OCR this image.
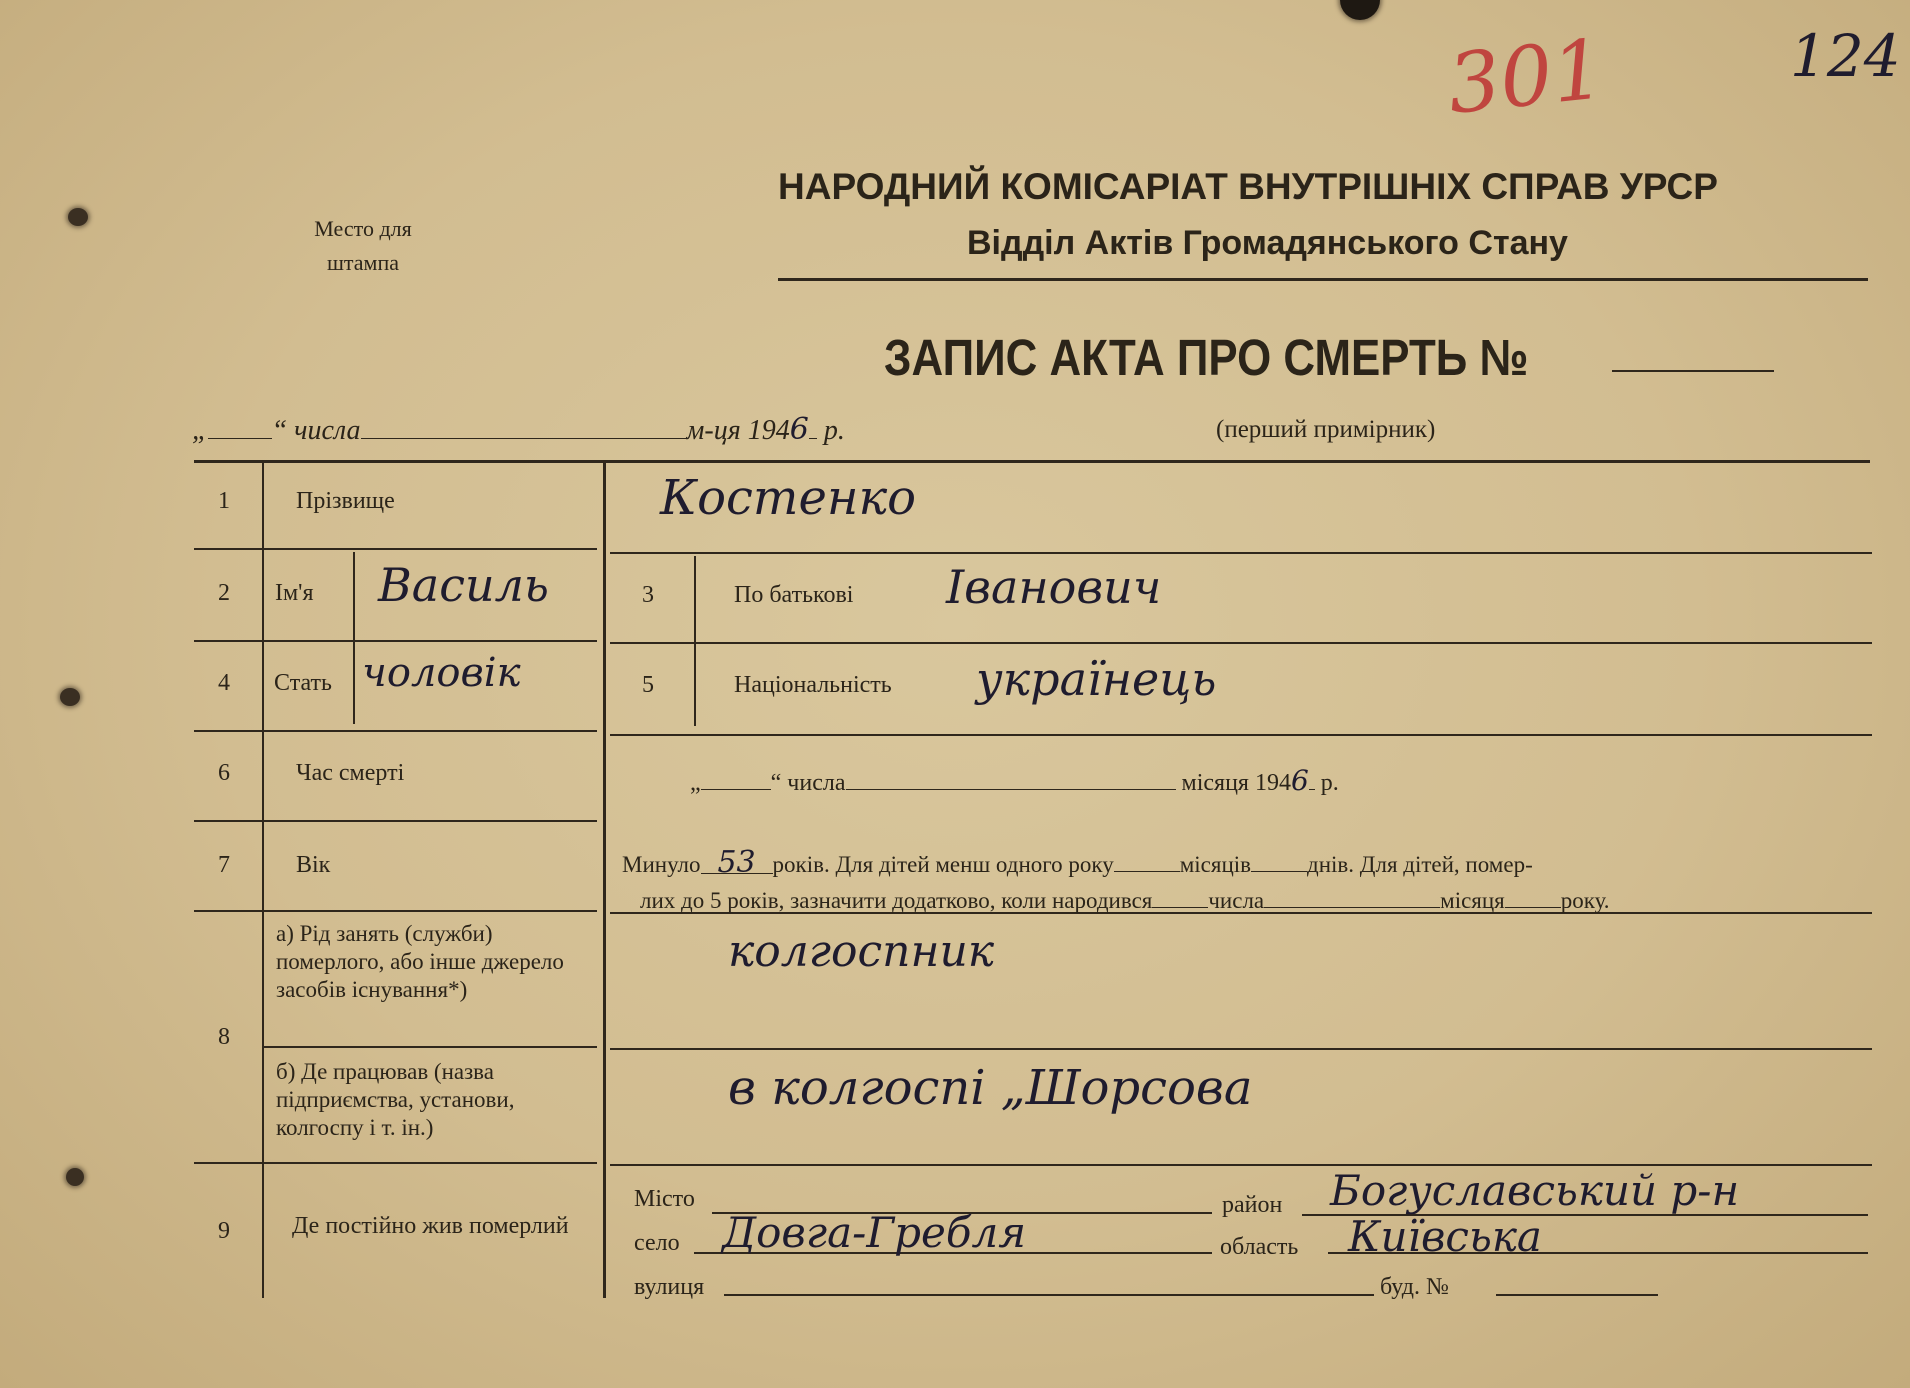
301	124
Место для штампа
НАРОДНИЙ КОМІСАРІАТ ВНУТРІШНІХ СПРАВ УРСР
Відділ Актів Громадянського Стану
ЗАПИС АКТА ПРО СМЕРТЬ №
„ “ числа	м-ця 1946 р.	(перший примірник)
1	Прізвище	Костенко
2 Ім'я Василь	3	По батькові Іванович
4 Стать чоловік	5	Національність українець
6	Час смерті	„	“ числа	місяця 1946 р.
7	Вік	Минуло 53 років. Для дітей менш одного року	місяців днів. Для дітей, помер-
лих до 5 років, зазначити додатково, коли народився числа	місяця року.
8
а) Рід занять (служби) померлого, або інше джерело засобів існування*)
колгоспник
б) Де працював (назва підприємства, установи, колгоспу і т. ін.)
в колгоспі „Шорсова
9	Де постійно жив померлий
Місто	район Богуславський р-н
село Довга-Гребля	область Київська
вулиця	буд. №
